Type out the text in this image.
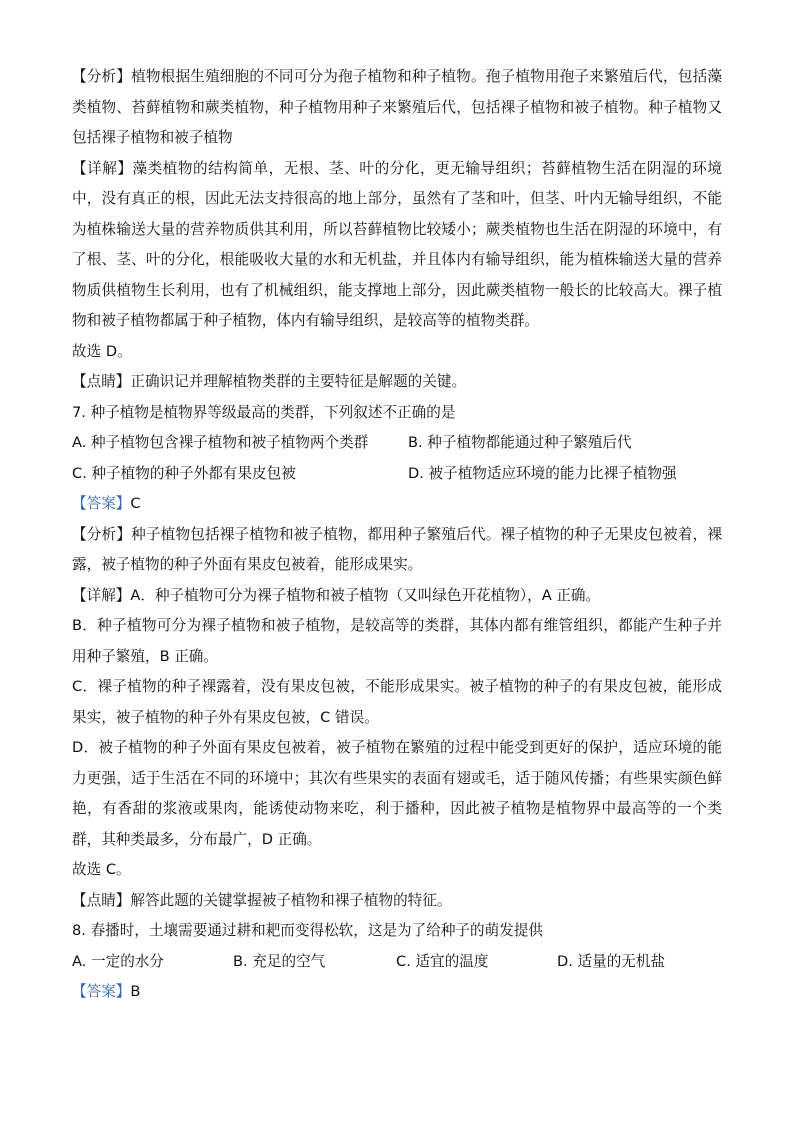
【分析】植物根据生殖细胞的不同可分为孢子植物和种子植物。孢子植物用孢子来繁殖后代，包括藻类植物、苔藓植物和蕨类植物，种子植物用种子来繁殖后代，包括裸子植物和被子植物。种子植物又包括裸子植物和被子植物

【详解】藻类植物的结构简单，无根、茎、叶的分化，更无输导组织；苔藓植物生活在阴湿的环境中，没有真正的根，因此无法支持很高的地上部分，虽然有了茎和叶，但茎、叶内无输导组织，不能为植株输送大量的营养物质供其利用，所以苔藓植物比较矮小；蕨类植物也生活在阴湿的环境中，有了根、茎、叶的分化，根能吸收大量的水和无机盐，并且体内有输导组织，能为植株输送大量的营养物质供植物生长利用，也有了机械组织，能支撑地上部分，因此蕨类植物一般长的比较高大。裸子植物和被子植物都属于种子植物，体内有输导组织，是较高等的植物类群。

故选 D。

【点睛】正确识记并理解植物类群的主要特征是解题的关键。

7. 种子植物是植物界等级最高的类群，下列叙述不正确的是

A. 种子植物包含裸子植物和被子植物两个类群	B. 种子植物都能通过种子繁殖后代
C. 种子植物的种子外都有果皮包被	D. 被子植物适应环境的能力比裸子植物强

【答案】C

【分析】种子植物包括裸子植物和被子植物，都用种子繁殖后代。裸子植物的种子无果皮包被着，裸露，被子植物的种子外面有果皮包被着，能形成果实。

【详解】A．种子植物可分为裸子植物和被子植物（又叫绿色开花植物），A 正确。

B．种子植物可分为裸子植物和被子植物，是较高等的类群，其体内都有维管组织，都能产生种子并用种子繁殖，B 正确。

C．裸子植物的种子裸露着，没有果皮包被，不能形成果实。被子植物的种子的有果皮包被，能形成果实，被子植物的种子外有果皮包被，C 错误。

D．被子植物的种子外面有果皮包被着，被子植物在繁殖的过程中能受到更好的保护，适应环境的能力更强，适于生活在不同的环境中；其次有些果实的表面有翅或毛，适于随风传播；有些果实颜色鲜艳，有香甜的浆液或果肉，能诱使动物来吃，利于播种，因此被子植物是植物界中最高等的一个类群，其种类最多，分布最广，D 正确。

故选 C。

【点睛】解答此题的关键掌握被子植物和裸子植物的特征。

8. 春播时，土壤需要通过耕和耙而变得松软，这是为了给种子的萌发提供

A. 一定的水分	B. 充足的空气	C. 适宜的温度	D. 适量的无机盐

【答案】B
